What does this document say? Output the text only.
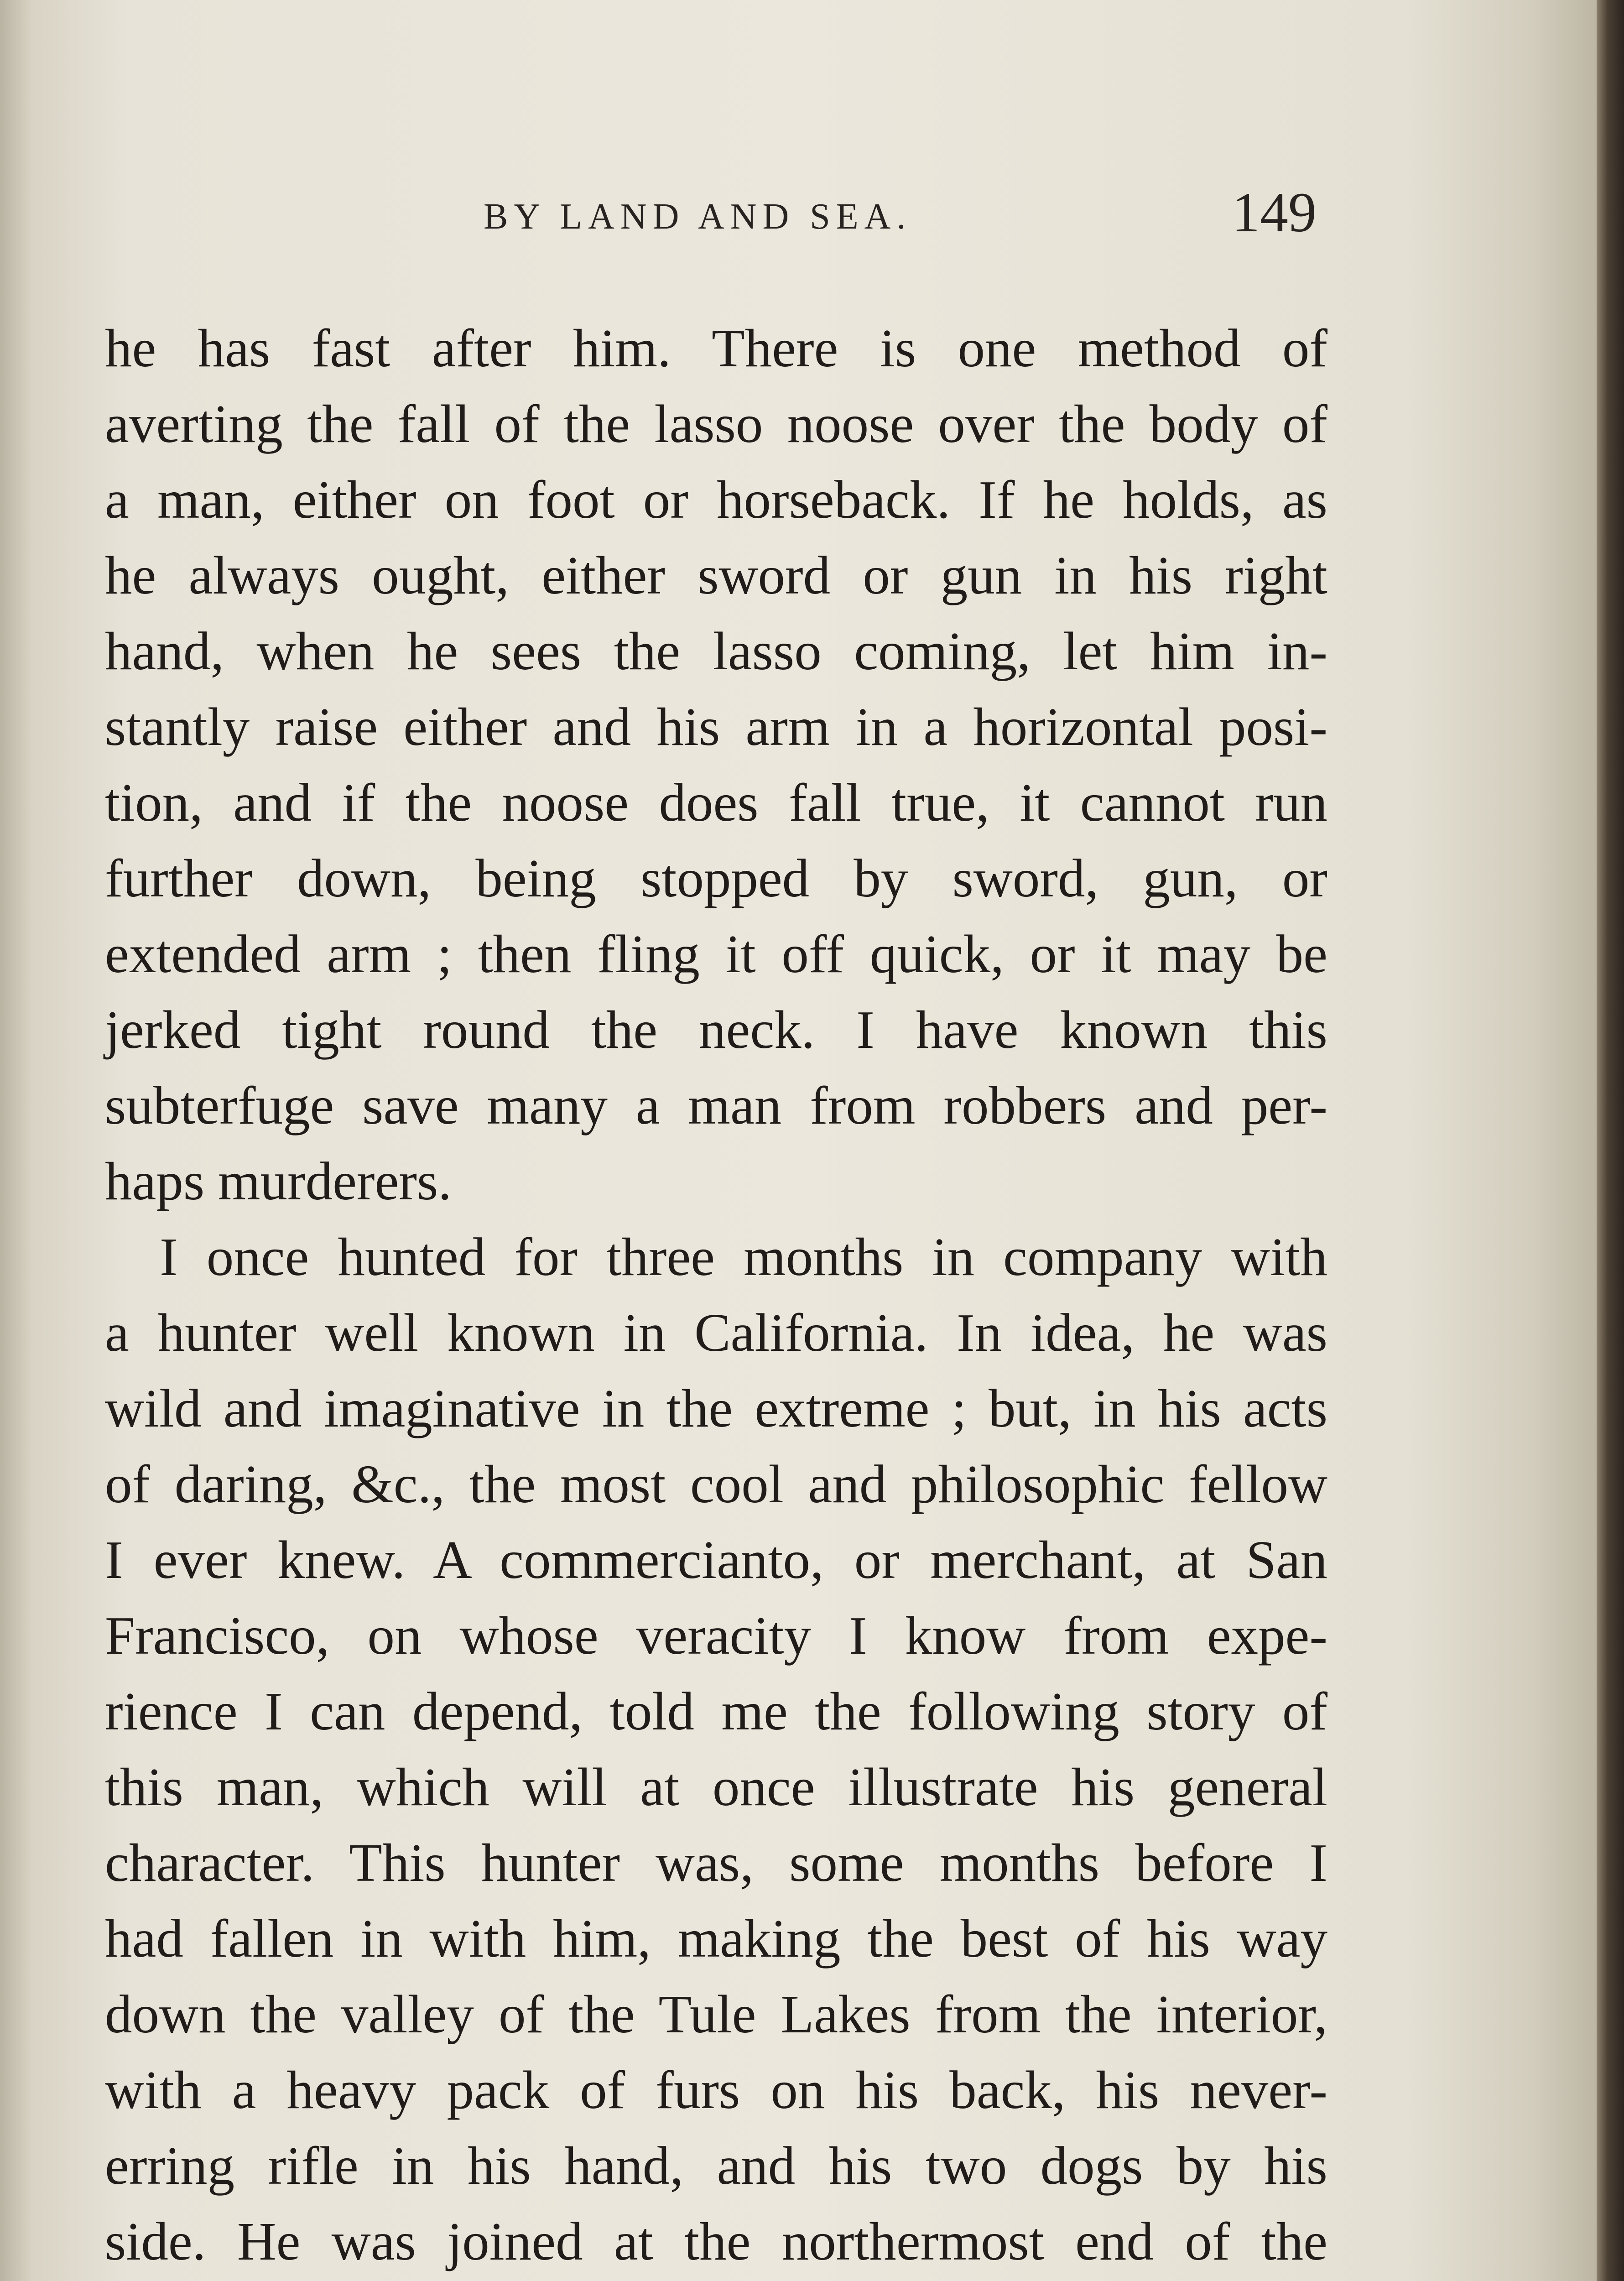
BY LAND AND SEA.	149
he has fast after him. There is one method of
averting the fall of the lasso noose over the body of
a man, either on foot or horseback. If he holds, as
he always ought, either sword or gun in his right
hand, when he sees the lasso coming, let him in-
stantly raise either and his arm in a horizontal posi-
tion, and if the noose does fall true, it cannot run
further down, being stopped by sword, gun, or
extended arm ; then fling it off quick, or it may be
jerked tight round the neck. I have known this
subterfuge save many a man from robbers and per-
haps murderers.
I once hunted for three months in company with
a hunter well known in California. In idea, he was
wild and imaginative in the extreme ; but, in his acts
of daring, &c., the most cool and philosophic fellow
I ever knew. A commercianto, or merchant, at San
Francisco, on whose veracity I know from expe-
rience I can depend, told me the following story of
this man, which will at once illustrate his general
character. This hunter was, some months before I
had fallen in with him, making the best of his way
down the valley of the Tule Lakes from the interior,
with a heavy pack of furs on his back, his never-
erring rifle in his hand, and his two dogs by his
side. He was joined at the northermost end of the
